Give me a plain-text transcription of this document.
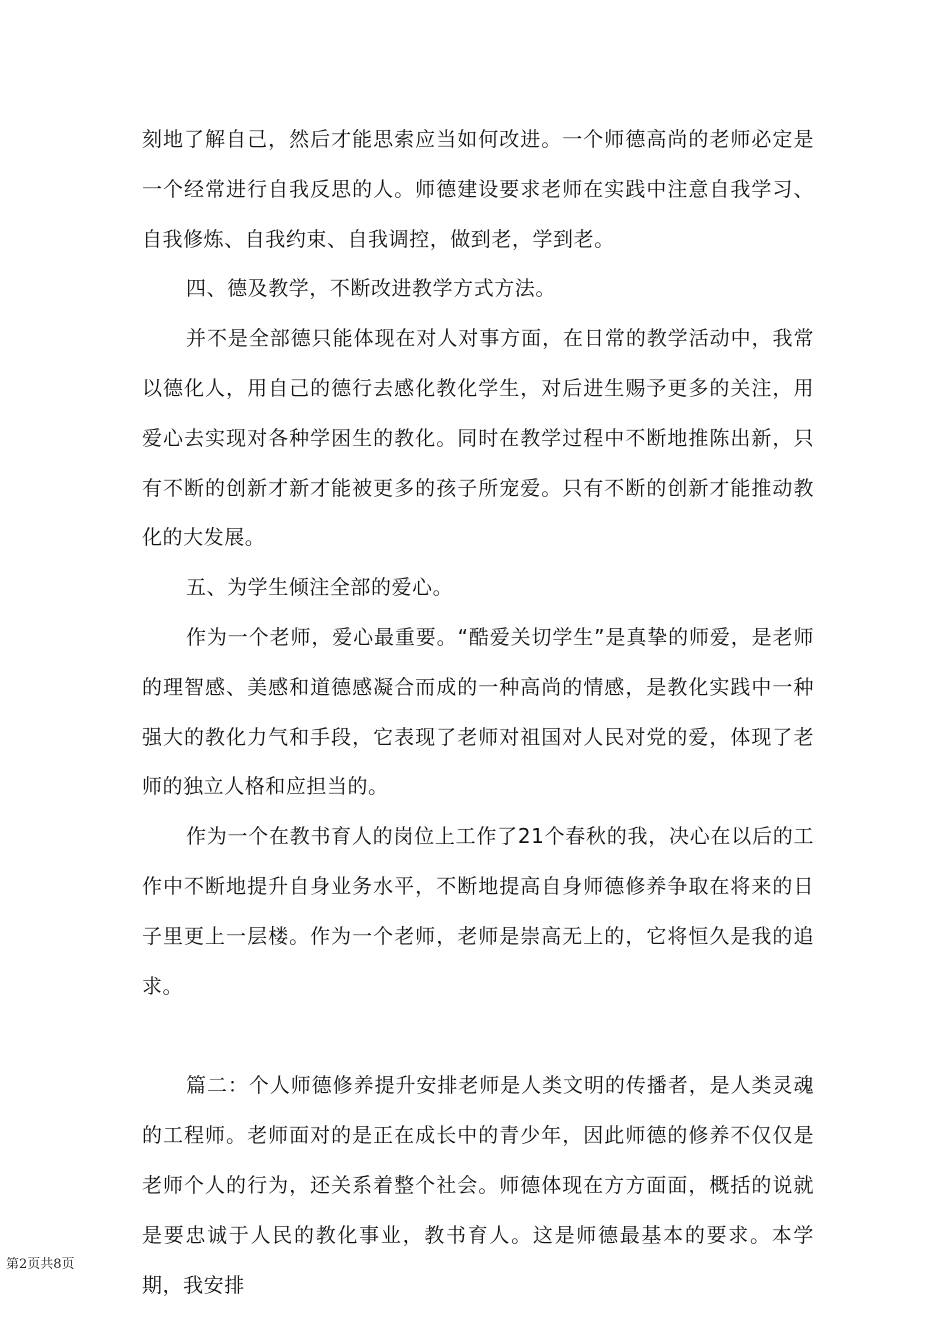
刻地了解自己，然后才能思索应当如何改进。一个师德高尚的老师必定是一个经常进行自我反思的人。师德建设要求老师在实践中注意自我学习、自我修炼、自我约束、自我调控，做到老，学到老。

四、德及教学，不断改进教学方式方法。

并不是全部德只能体现在对人对事方面，在日常的教学活动中，我常以德化人，用自己的德行去感化教化学生，对后进生赐予更多的关注，用爱心去实现对各种学困生的教化。同时在教学过程中不断地推陈出新，只有不断的创新才新才能被更多的孩子所宠爱。只有不断的创新才能推动教化的大发展。

五、为学生倾注全部的爱心。

作为一个老师，爱心最重要。“酷爱关切学生”是真挚的师爱，是老师的理智感、美感和道德感凝合而成的一种高尚的情感，是教化实践中一种强大的教化力气和手段，它表现了老师对祖国对人民对党的爱，体现了老师的独立人格和应担当的。

作为一个在教书育人的岗位上工作了21个春秋的我，决心在以后的工作中不断地提升自身业务水平，不断地提高自身师德修养争取在将来的日子里更上一层楼。作为一个老师，老师是崇高无上的，它将恒久是我的追求。

篇二：个人师德修养提升安排老师是人类文明的传播者，是人类灵魂的工程师。老师面对的是正在成长中的青少年，因此师德的修养不仅仅是老师个人的行为，还关系着整个社会。师德体现在方方面面，概括的说就是要忠诚于人民的教化事业，教书育人。这是师德最基本的要求。本学期，我安排

第2页共8页
